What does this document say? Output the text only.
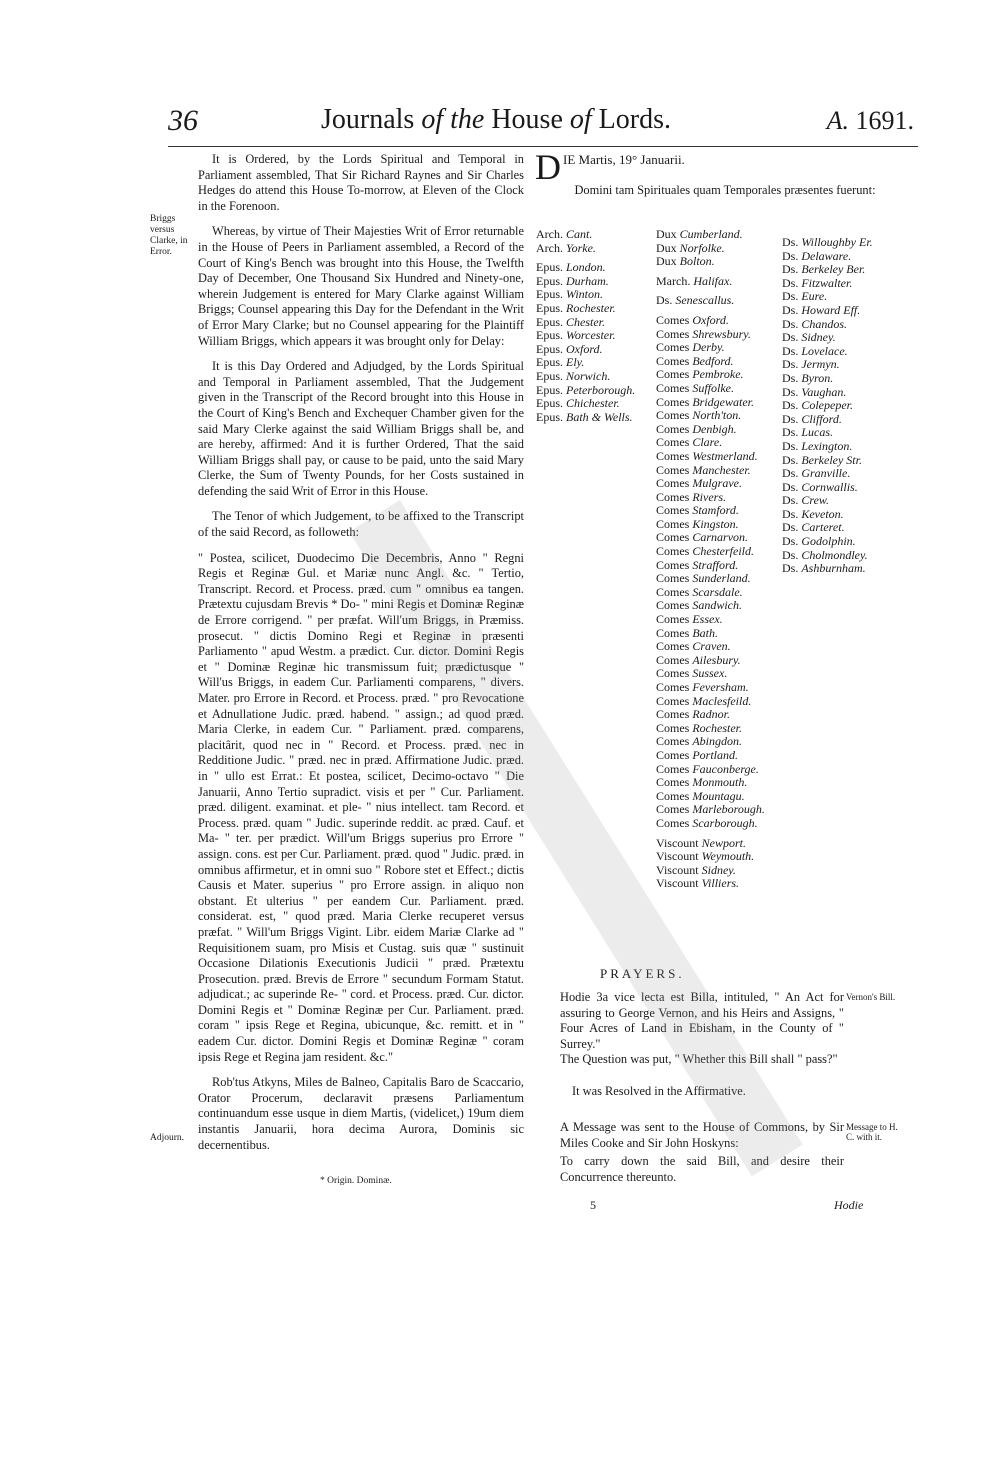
36	Journals of the House of Lords.	A. 1691.
Briggs versus Clarke, in Error.
Adjourn.

It is Ordered, by the Lords Spiritual and Temporal in Parliament assembled, That Sir Richard Raynes and Sir Charles Hedges do attend this House To-morrow, at Eleven of the Clock in the Forenoon.

Whereas, by virtue of Their Majesties Writ of Error returnable in the House of Peers in Parliament assembled, a Record of the Court of King's Bench was brought into this House, the Twelfth Day of December, One Thousand Six Hundred and Ninety-one, wherein Judgement is entered for Mary Clarke against William Briggs; Counsel appearing this Day for the Defendant in the Writ of Error Mary Clarke; but no Counsel appearing for the Plaintiff William Briggs, which appears it was brought only for Delay:

It is this Day Ordered and Adjudged, by the Lords Spiritual and Temporal in Parliament assembled, That the Judgement given in the Transcript of the Record brought into this House in the Court of King's Bench and Exchequer Chamber given for the said Mary Clerke against the said William Briggs shall be, and are hereby, affirmed: And it is further Ordered, That the said William Briggs shall pay, or cause to be paid, unto the said Mary Clerke, the Sum of Twenty Pounds, for her Costs sustained in defending the said Writ of Error in this House.

The Tenor of which Judgement, to be affixed to the Transcript of the said Record, as followeth:

" Postea, scilicet, Duodecimo Die Decembris, Anno " Regni Regis et Reginæ Gul. et Mariæ nunc Angl. &c. " Tertio, Transcript. Record. et Process. præd. cum " omnibus ea tangen. Prætextu cujusdam Brevis * Do- " mini Regis et Dominæ Reginæ de Errore corrigend. " per præfat. Will'um Briggs, in Præmiss. prosecut. " dictis Domino Regi et Reginæ in præsenti Parliamento " apud Westm. a prædict. Cur. dictor. Domini Regis et " Dominæ Reginæ hic transmissum fuit; prædictusque " Will'us Briggs, in eadem Cur. Parliamenti comparens, " divers. Mater. pro Errore in Record. et Process. præd. " pro Revocatione et Adnullatione Judic. præd. habend. " assign.; ad quod præd. Maria Clerke, in eadem Cur. " Parliament. præd. comparens, placitârit, quod nec in " Record. et Process. præd. nec in Redditione Judic. " præd. nec in præd. Affirmatione Judic. præd. in " ullo est Errat.: Et postea, scilicet, Decimo-octavo " Die Januarii, Anno Tertio supradict. visis et per " Cur. Parliament. præd. diligent. examinat. et ple- " nius intellect. tam Record. et Process. præd. quam " Judic. superinde reddit. ac præd. Cauf. et Ma- " ter. per prædict. Will'um Briggs superius pro Errore " assign. cons. est per Cur. Parliament. præd. quod " Judic. præd. in omnibus affirmetur, et in omni suo " Robore stet et Effect.; dictis Causis et Mater. superius " pro Errore assign. in aliquo non obstant. Et ulterius " per eandem Cur. Parliament. præd. considerat. est, " quod præd. Maria Clerke recuperet versus præfat. " Will'um Briggs Vigint. Libr. eidem Mariæ Clarke ad " Requisitionem suam, pro Misis et Custag. suis quæ " sustinuit Occasione Dilationis Executionis Judicii " præd. Prætextu Prosecution. præd. Brevis de Errore " secundum Formam Statut. adjudicat.; ac superinde Re- " cord. et Process. præd. Cur. dictor. Domini Regis et " Dominæ Reginæ per Cur. Parliament. præd. coram " ipsis Rege et Regina, ubicunque, &c. remitt. et in " eadem Cur. dictor. Domini Regis et Dominæ Reginæ " coram ipsis Rege et Regina jam resident. &c."

Rob'tus Atkyns, Miles de Balneo, Capitalis Baro de Scaccario, Orator Procerum, declaravit præsens Parliamentum continuandum esse usque in diem Martis, (videlicet,) 19um diem instantis Januarii, hora decima Aurora, Dominis sic decernentibus.

* Origin. Dominæ.
D IE Martis, 19° Januarii.
Domini tam Spirituales quam Temporales præsentes fuerunt:
Arch. Cant.
Arch. Yorke.
Epus. London.
Epus. Durham.
Epus. Winton.
Epus. Rochester.
Epus. Chester.
Epus. Worcester.
Epus. Oxford.
Epus. Ely.
Epus. Norwich.
Epus. Peterborough.
Epus. Chichester.
Epus. Bath & Wells.
Dux Cumberland.
Dux Norfolke.
Dux Bolton.
March. Halifax.
Ds. Senescallus.
Comes Oxford.
Comes Shrewsbury.
Comes Derby.
Comes Bedford.
Comes Pembroke.
Comes Suffolke.
Comes Bridgewater.
Comes North'ton.
Comes Denbigh.
Comes Clare.
Comes Westmerland.
Comes Manchester.
Comes Mulgrave.
Comes Rivers.
Comes Stamford.
Comes Kingston.
Comes Carnarvon.
Comes Chesterfeild.
Comes Strafford.
Comes Sunderland.
Comes Scarsdale.
Comes Sandwich.
Comes Essex.
Comes Bath.
Comes Craven.
Comes Ailesbury.
Comes Sussex.
Comes Feversham.
Comes Maclesfeild.
Comes Radnor.
Comes Rochester.
Comes Abingdon.
Comes Portland.
Comes Fauconberge.
Comes Monmouth.
Comes Mountagu.
Comes Marleborough.
Comes Scarborough.
Viscount Newport.
Viscount Weymouth.
Viscount Sidney.
Viscount Villiers.
Ds. Willoughby Er.
Ds. Delaware.
Ds. Berkeley Ber.
Ds. Fitzwalter.
Ds. Eure.
Ds. Howard Eff.
Ds. Chandos.
Ds. Sidney.
Ds. Lovelace.
Ds. Jermyn.
Ds. Byron.
Ds. Vaughan.
Ds. Colepeper.
Ds. Clifford.
Ds. Lucas.
Ds. Lexington.
Ds. Berkeley Str.
Ds. Granville.
Ds. Cornwallis.
Ds. Crew.
Ds. Keveton.
Ds. Carteret.
Ds. Godolphin.
Ds. Cholmondley.
Ds. Ashburnham.
PRAYERS.
Hodie 3a vice lecta est Billa, intituled, " An Act for assuring to George Vernon, and his Heirs and Assigns, " Four Acres of Land in Ebisham, in the County of " Surrey."
Vernon's Bill.
The Question was put, " Whether this Bill shall " pass?"
It was Resolved in the Affirmative.
A Message was sent to the House of Commons, by Sir Miles Cooke and Sir John Hoskyns:
Message to H. C. with it.
To carry down the said Bill, and desire their Concurrence thereunto.
5	Hodie
